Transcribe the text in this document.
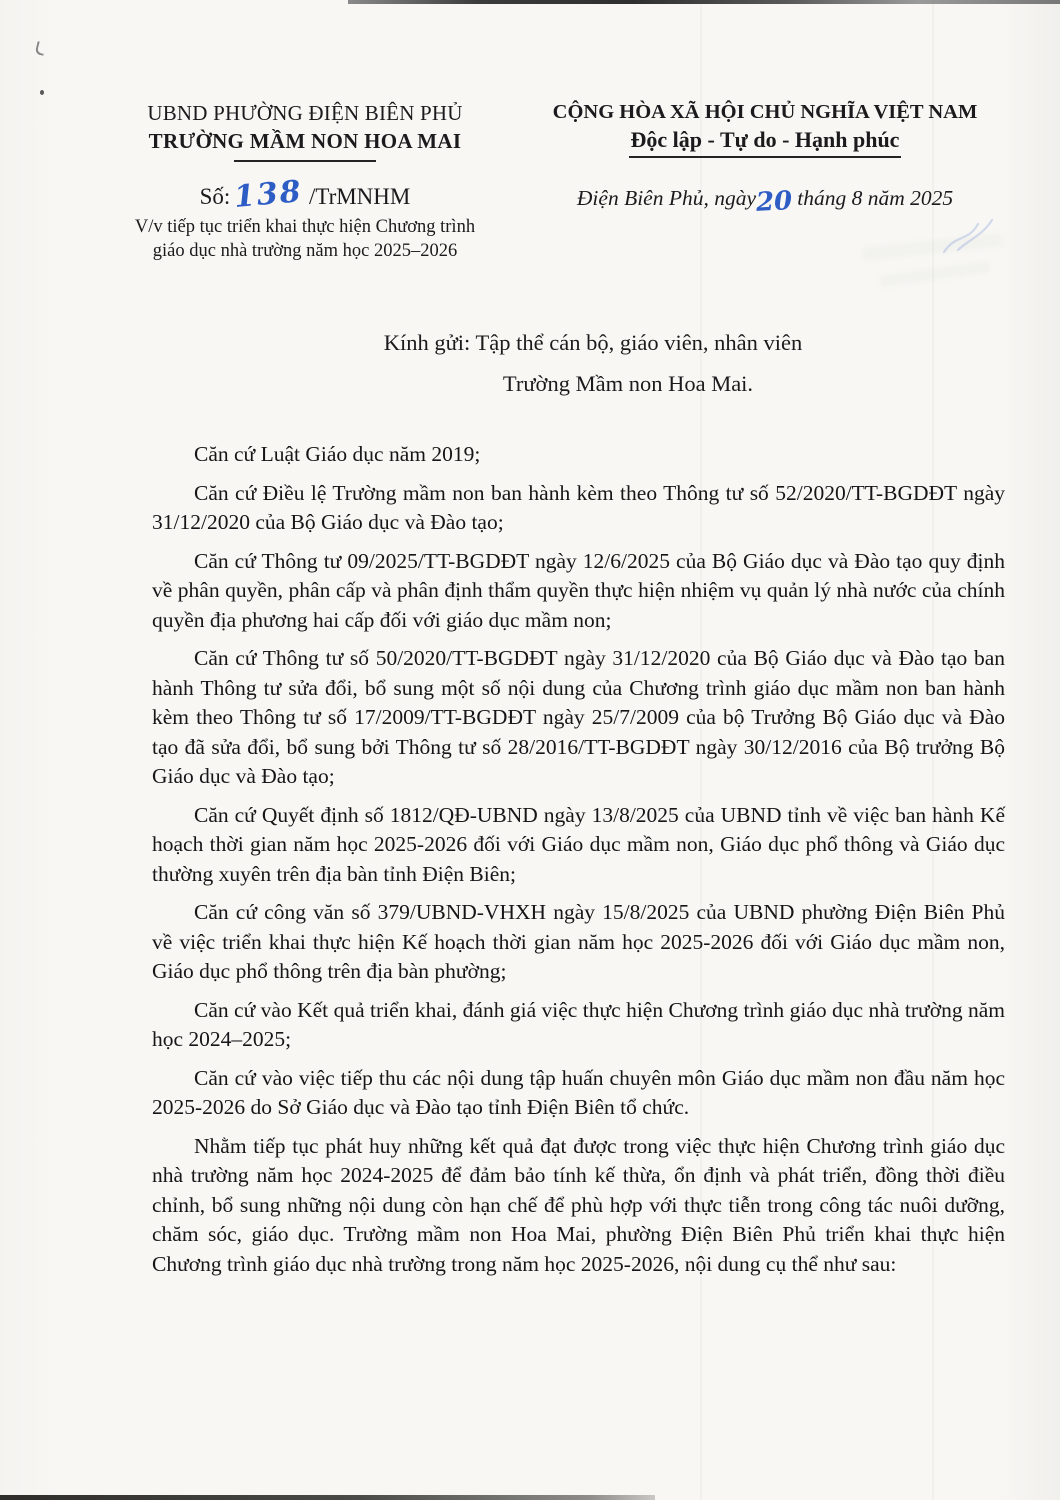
UBND PHƯỜNG ĐIỆN BIÊN PHỦ
TRƯỜNG MẦM NON HOA MAI
Số:138 /TrMNHM
V/v tiếp tục triển khai thực hiện Chương trình
giáo dục nhà trường năm học 2025–2026
CỘNG HÒA XÃ HỘI CHỦ NGHĨA VIỆT NAM
Độc lập - Tự do - Hạnh phúc
Điện Biên Phủ, ngày20 tháng 8 năm 2025
Kính gửi: Tập thể cán bộ, giáo viên, nhân viên
Trường Mầm non Hoa Mai.

Căn cứ Luật Giáo dục năm 2019;

Căn cứ Điều lệ Trường mầm non ban hành kèm theo Thông tư số 52/2020/TT-BGDĐT ngày 31/12/2020 của Bộ Giáo dục và Đào tạo;

Căn cứ Thông tư 09/2025/TT-BGDĐT ngày 12/6/2025 của Bộ Giáo dục và Đào tạo quy định về phân quyền, phân cấp và phân định thẩm quyền thực hiện nhiệm vụ quản lý nhà nước của chính quyền địa phương hai cấp đối với giáo dục mầm non;

Căn cứ Thông tư số 50/2020/TT-BGDĐT ngày 31/12/2020 của Bộ Giáo dục và Đào tạo ban hành Thông tư sửa đổi, bổ sung một số nội dung của Chương trình giáo dục mầm non ban hành kèm theo Thông tư số 17/2009/TT-BGDĐT ngày 25/7/2009 của bộ Trưởng Bộ Giáo dục và Đào tạo đã sửa đổi, bổ sung bởi Thông tư số 28/2016/TT-BGDĐT ngày 30/12/2016 của Bộ trưởng Bộ Giáo dục và Đào tạo;

Căn cứ Quyết định số 1812/QĐ-UBND ngày 13/8/2025 của UBND tỉnh về việc ban hành Kế hoạch thời gian năm học 2025-2026 đối với Giáo dục mầm non, Giáo dục phổ thông và Giáo dục thường xuyên trên địa bàn tỉnh Điện Biên;

Căn cứ công văn số 379/UBND-VHXH ngày 15/8/2025 của UBND phường Điện Biên Phủ về việc triển khai thực hiện Kế hoạch thời gian năm học 2025-2026 đối với Giáo dục mầm non, Giáo dục phổ thông trên địa bàn phường;

Căn cứ vào Kết quả triển khai, đánh giá việc thực hiện Chương trình giáo dục nhà trường năm học 2024–2025;

Căn cứ vào việc tiếp thu các nội dung tập huấn chuyên môn Giáo dục mầm non đầu năm học 2025-2026 do Sở Giáo dục và Đào tạo tỉnh Điện Biên tổ chức.

Nhằm tiếp tục phát huy những kết quả đạt được trong việc thực hiện Chương trình giáo dục nhà trường năm học 2024-2025 để đảm bảo tính kế thừa, ổn định và phát triển, đồng thời điều chỉnh, bổ sung những nội dung còn hạn chế để phù hợp với thực tiễn trong công tác nuôi dưỡng, chăm sóc, giáo dục. Trường mầm non Hoa Mai, phường Điện Biên Phủ triển khai thực hiện Chương trình giáo dục nhà trường trong năm học 2025-2026, nội dung cụ thể như sau:
